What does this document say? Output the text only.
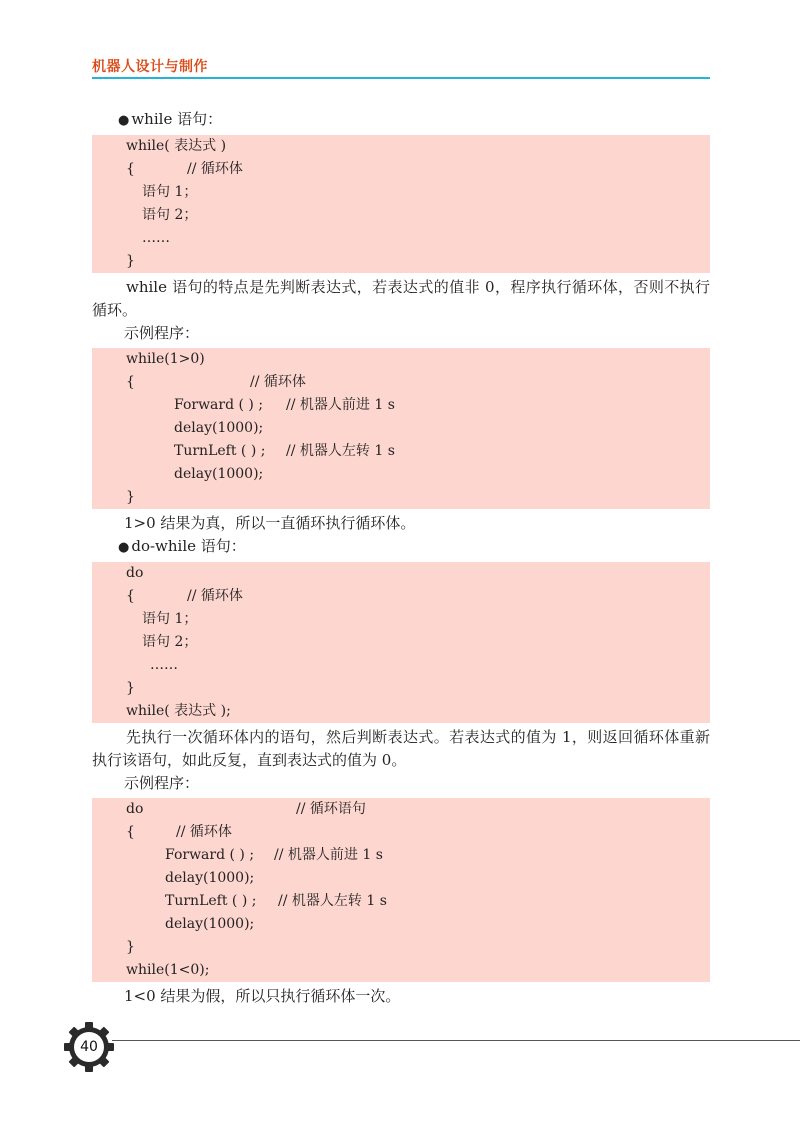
机器人设计与制作
● while 语句：
while( 表达式 )
{	// 循环体
语句 1；
语句 2；
……
}
while 语句的特点是先判断表达式，若表达式的值非 0，程序执行循环体，否则不执行循环。
示例程序：
while(1>0)
{	// 循环体
Forward ( ) ; // 机器人前进 1 s
delay(1000);
TurnLeft ( ) ; // 机器人左转 1 s
delay(1000);
}
1>0 结果为真，所以一直循环执行循环体。
● do-while 语句：
do
{	// 循环体
语句 1；
语句 2；
……
}
while( 表达式 );
先执行一次循环体内的语句，然后判断表达式。若表达式的值为 1，则返回循环体重新执行该语句，如此反复，直到表达式的值为 0。
示例程序：
do	// 循环语句
{	// 循环体
Forward ( ) ; // 机器人前进 1 s
delay(1000);
TurnLeft ( ) ; // 机器人左转 1 s
delay(1000);
}
while(1<0);
1<0 结果为假，所以只执行循环体一次。
40
